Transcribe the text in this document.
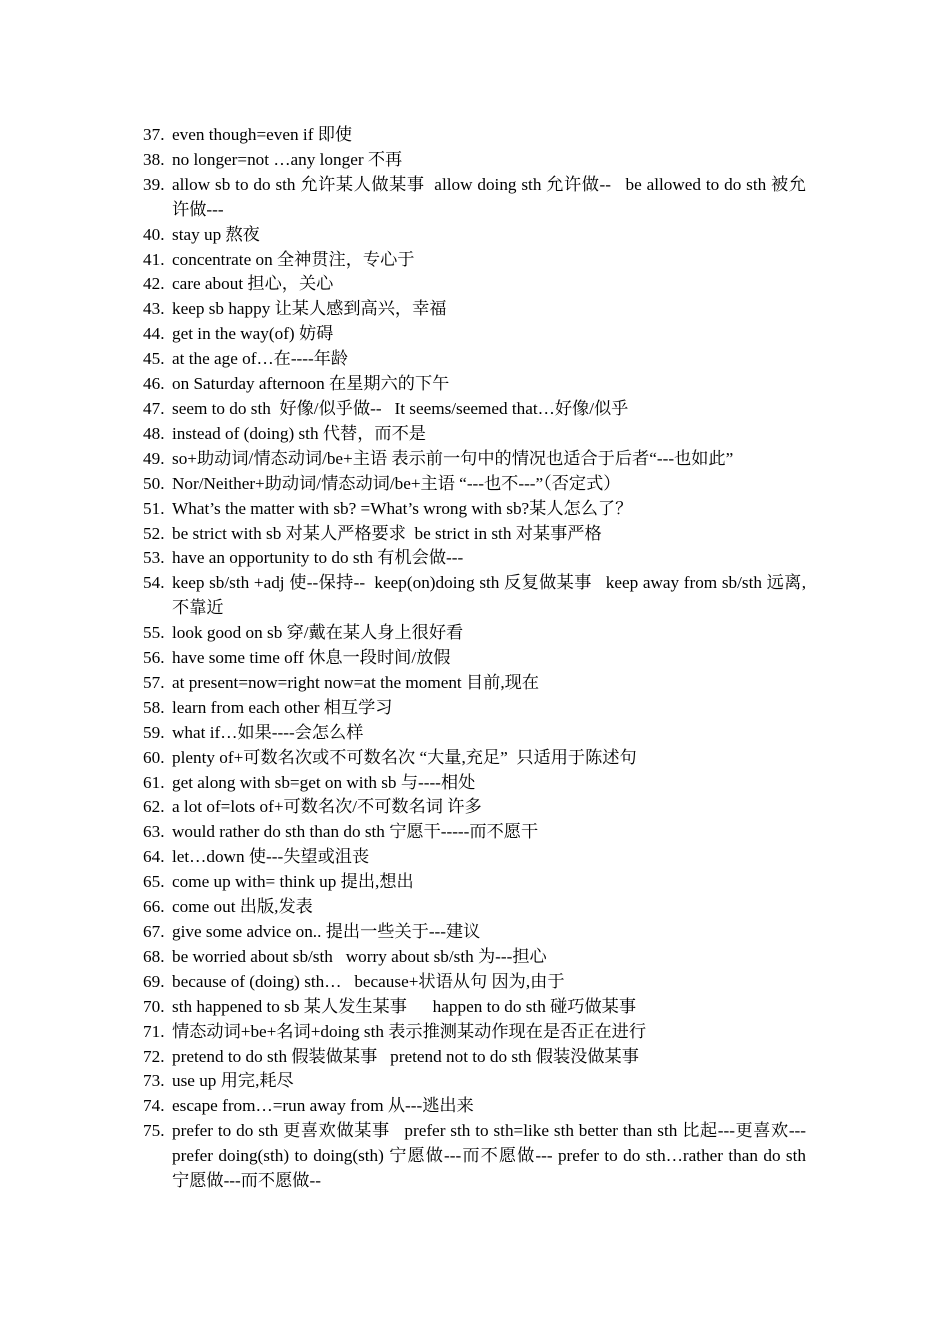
37. even though=even if 即使
38. no longer=not …any longer 不再
39. allow sb to do sth 允许某人做某事  allow doing sth 允许做--   be allowed to do sth 被允许做---
40. stay up 熬夜
41. concentrate on 全神贯注，专心于
42. care about 担心，关心
43. keep sb happy 让某人感到高兴，幸福
44. get in the way(of) 妨碍
45. at the age of…在----年龄
46. on Saturday afternoon 在星期六的下午
47. seem to do sth  好像/似乎做--   It seems/seemed that…好像/似乎
48. instead of (doing) sth 代替，而不是
49. so+助动词/情态动词/be+主语 表示前一句中的情况也适合于后者“---也如此”
50. Nor/Neither+助动词/情态动词/be+主语 “---也不---”（否定式）
51. What’s the matter with sb? =What’s wrong with sb?某人怎么了？
52. be strict with sb 对某人严格要求  be strict in sth 对某事严格
53. have an opportunity to do sth 有机会做---
54. keep sb/sth +adj 使--保持--  keep(on)doing sth 反复做某事   keep away from sb/sth 远离,不靠近
55. look good on sb 穿/戴在某人身上很好看
56. have some time off 休息一段时间/放假
57. at present=now=right now=at the moment 目前,现在
58. learn from each other 相互学习
59. what if…如果----会怎么样
60. plenty of+可数名次或不可数名次 “大量,充足”  只适用于陈述句
61. get along with sb=get on with sb 与----相处
62. a lot of=lots of+可数名次/不可数名词 许多
63. would rather do sth than do sth 宁愿干-----而不愿干
64. let…down 使---失望或沮丧
65. come up with= think up 提出,想出
66. come out 出版,发表
67. give some advice on.. 提出一些关于---建议
68. be worried about sb/sth   worry about sb/sth 为---担心
69. because of (doing) sth…   because+状语从句 因为,由于
70. sth happened to sb 某人发生某事      happen to do sth 碰巧做某事
71. 情态动词+be+名词+doing sth 表示推测某动作现在是否正在进行
72. pretend to do sth 假装做某事   pretend not to do sth 假装没做某事
73. use up 用完,耗尽
74. escape from…=run away from 从---逃出来
75. prefer to do sth 更喜欢做某事   prefer sth to sth=like sth better than sth 比起---更喜欢---  prefer doing(sth) to doing(sth) 宁愿做---而不愿做--- prefer to do sth…rather than do sth 宁愿做---而不愿做--
